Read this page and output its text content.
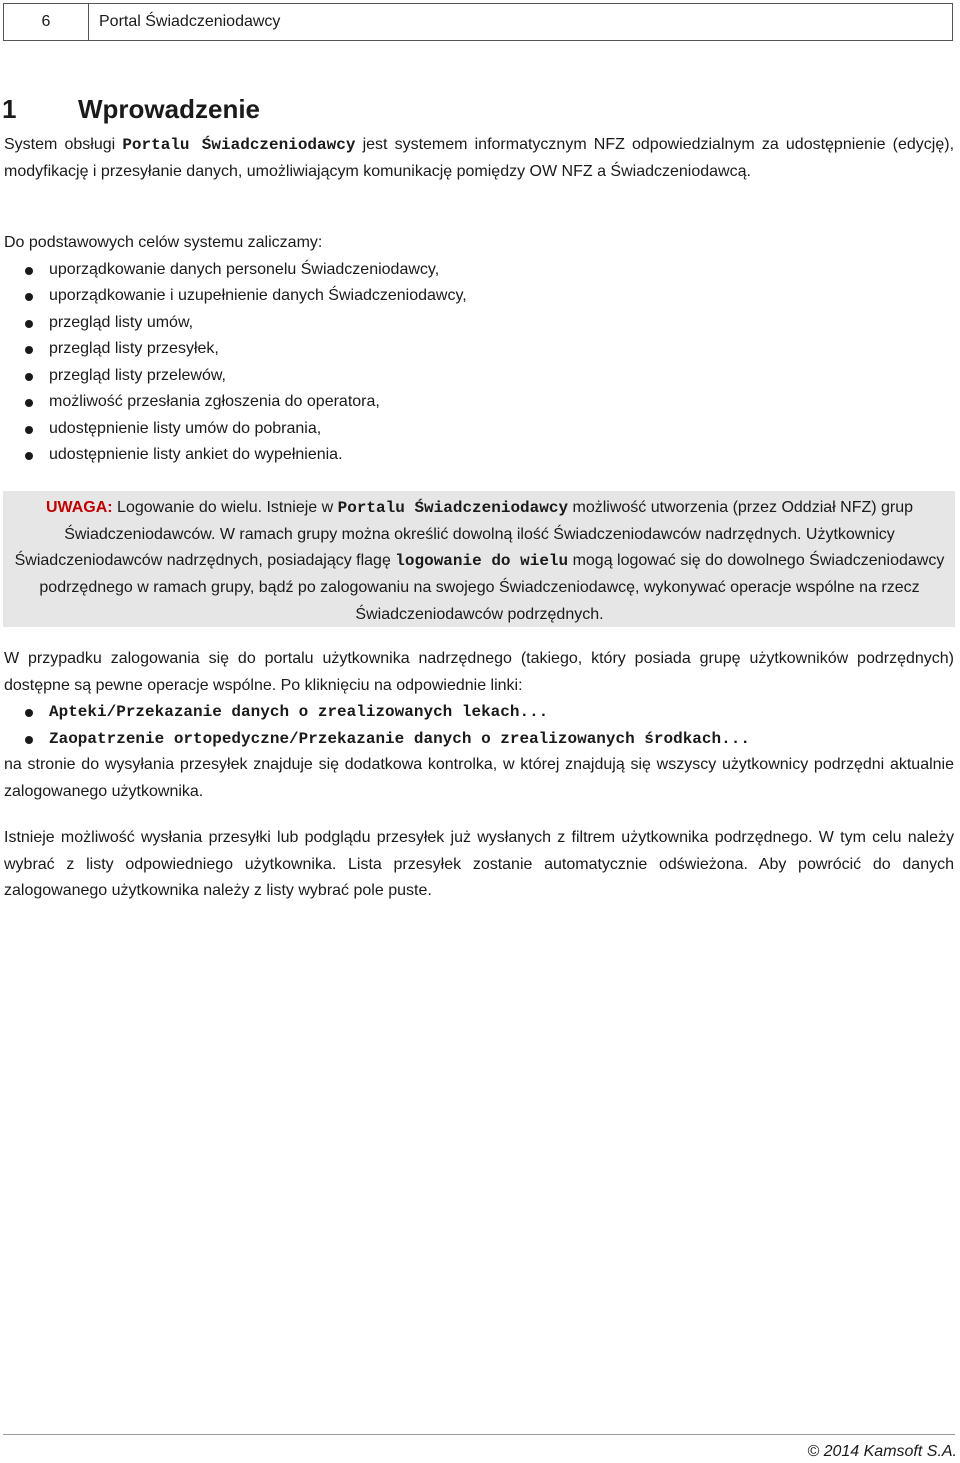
6	Portal Świadczeniodawcy
1 Wprowadzenie
System obsługi Portalu Świadczeniodawcy jest systemem informatycznym NFZ odpowiedzialnym za udostępnienie (edycję), modyfikację i przesyłanie danych, umożliwiającym komunikację pomiędzy OW NFZ a Świadczeniodawcą.
Do podstawowych celów systemu zaliczamy:
uporządkowanie danych personelu Świadczeniodawcy,
uporządkowanie i uzupełnienie danych Świadczeniodawcy,
przegląd listy umów,
przegląd listy przesyłek,
przegląd listy przelewów,
możliwość przesłania zgłoszenia do operatora,
udostępnienie listy umów do pobrania,
udostępnienie listy ankiet do wypełnienia.
UWAGA: Logowanie do wielu. Istnieje w Portalu Świadczeniodawcy możliwość utworzenia (przez Oddział NFZ) grup Świadczeniodawców. W ramach grupy można określić dowolną ilość Świadczeniodawców nadrzędnych. Użytkownicy Świadczeniodawców nadrzędnych, posiadający flagę logowanie do wielu mogą logować się do dowolnego Świadczeniodawcy podrzędnego w ramach grupy, bądź po zalogowaniu na swojego Świadczeniodawcę, wykonywać operacje wspólne na rzecz Świadczeniodawców podrzędnych.
W przypadku zalogowania się do portalu użytkownika nadrzędnego (takiego, który posiada grupę użytkowników podrzędnych) dostępne są pewne operacje wspólne. Po kliknięciu na odpowiednie linki:
Apteki/Przekazanie danych o zrealizowanych lekach...
Zaopatrzenie ortopedyczne/Przekazanie danych o zrealizowanych środkach...
na stronie do wysyłania przesyłek znajduje się dodatkowa kontrolka, w której znajdują się wszyscy użytkownicy podrzędni aktualnie zalogowanego użytkownika.
Istnieje możliwość wysłania przesyłki lub podglądu przesyłek już wysłanych z filtrem użytkownika podrzędnego. W tym celu należy wybrać z listy odpowiedniego użytkownika. Lista przesyłek zostanie automatycznie odświeżona. Aby powrócić do danych zalogowanego użytkownika należy z listy wybrać pole puste.
© 2014 Kamsoft S.A.
